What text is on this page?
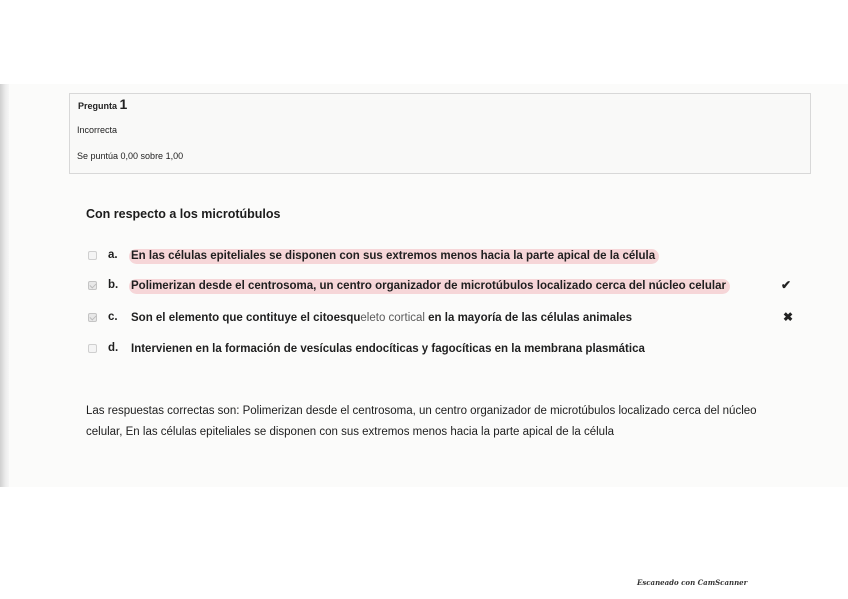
Pregunta 1
Incorrecta
Se puntúa 0,00 sobre 1,00
Con respecto a los microtúbulos
a. En las células epiteliales se disponen con sus extremos menos hacia la parte apical de la célula
b. Polimerizan desde el centrosoma, un centro organizador de microtúbulos localizado cerca del núcleo celular
c. Son el elemento que contituye el citoesqueleto cortical en la mayoría de las células animales
d. Intervienen en la formación de vesículas endocíticas y fagocíticas en la membrana plasmática
✔
✖
Las respuestas correctas son: Polimerizan desde el centrosoma, un centro organizador de microtúbulos localizado cerca del núcleo celular, En las células epiteliales se disponen con sus extremos menos hacia la parte apical de la célula
Escaneado con CamScanner
